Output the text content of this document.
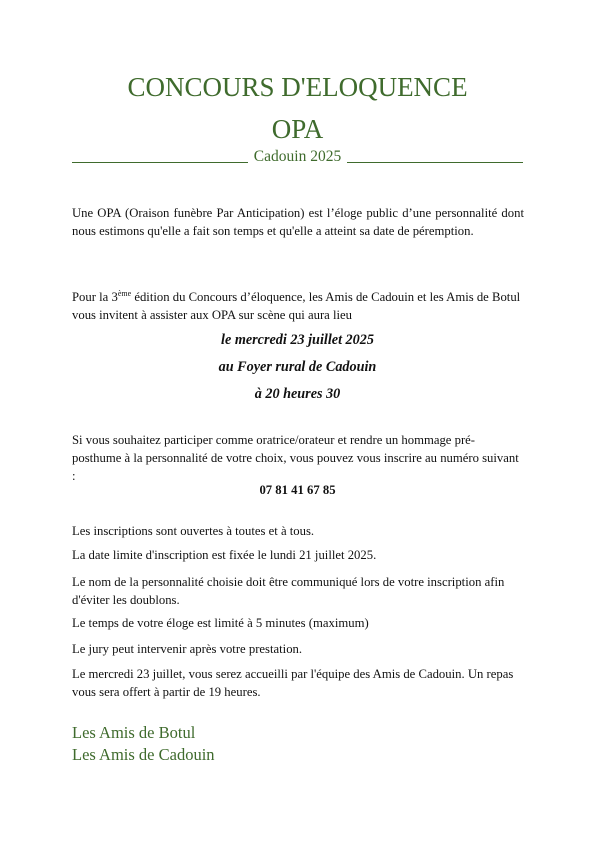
CONCOURS D'ELOQUENCE
OPA
Cadouin 2025
Une OPA (Oraison funèbre Par Anticipation) est l’éloge public d’une personnalité dont nous estimons qu'elle a fait son temps et qu'elle a atteint sa date de péremption.
Pour la 3ème édition du Concours d’éloquence, les Amis de Cadouin et les Amis de Botul vous invitent à assister aux OPA sur scène qui aura lieu
le mercredi 23 juillet 2025
au Foyer rural de Cadouin
à 20 heures 30
Si vous souhaitez participer comme oratrice/orateur et rendre un hommage pré-posthume à la personnalité de votre choix, vous pouvez vous inscrire au numéro suivant :
07 81 41 67 85
Les inscriptions sont ouvertes à toutes et à tous.
La date limite d'inscription est fixée le lundi 21 juillet 2025.
Le nom de la personnalité choisie doit être communiqué lors de votre inscription afin d'éviter les doublons.
Le temps de votre éloge est limité à 5 minutes (maximum)
Le jury peut intervenir après votre prestation.
Le mercredi 23 juillet, vous serez accueilli par l'équipe des Amis de Cadouin. Un repas vous sera offert à partir de 19 heures.
Les Amis de Botul
Les Amis de Cadouin
